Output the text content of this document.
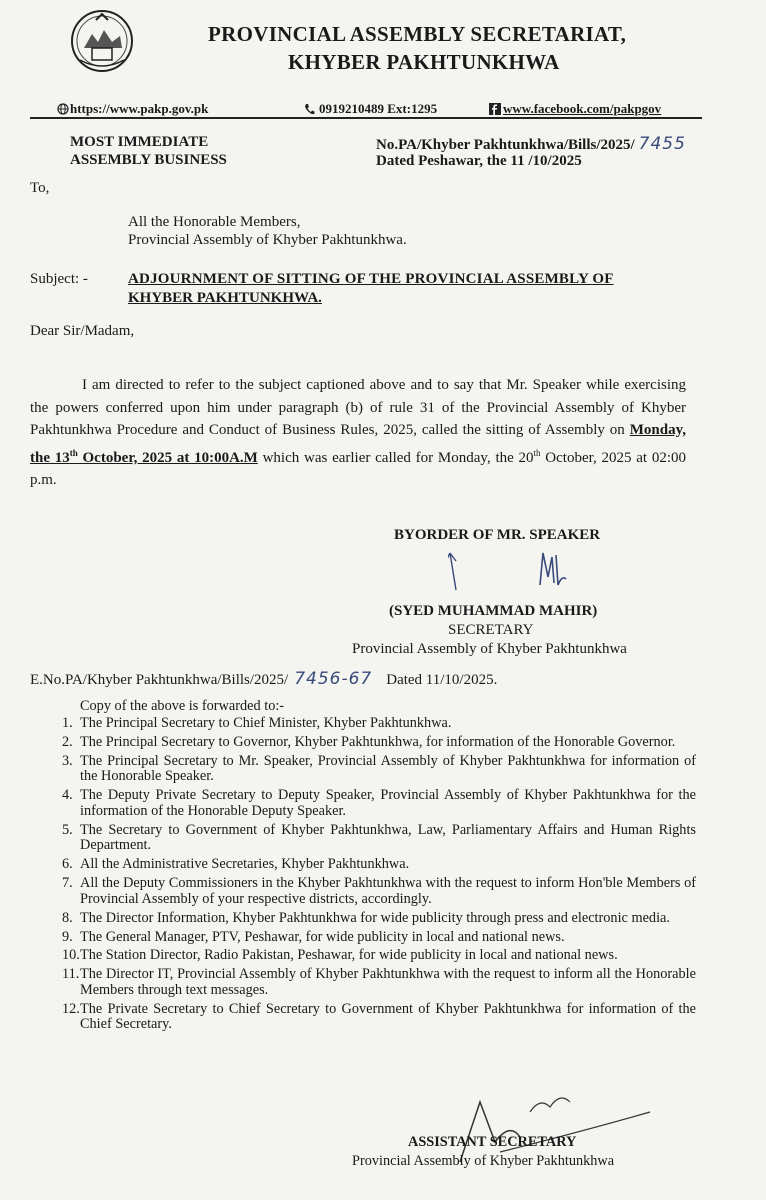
PROVINCIAL ASSEMBLY SECRETARIAT,
KHYBER PAKHTUNKHWA
https://www.pakp.gov.pk	0919210489 Ext:1295	www.facebook.com/pakpgov
MOST IMMEDIATE
ASSEMBLY BUSINESS
No.PA/Khyber Pakhtunkhwa/Bills/2025/ 7455
Dated Peshawar, the 11 /10/2025
To,
All the Honorable Members,
Provincial Assembly of Khyber Pakhtunkhwa.
Subject: -	ADJOURNMENT OF SITTING OF THE PROVINCIAL ASSEMBLY OF
KHYBER PAKHTUNKHWA.
Dear Sir/Madam,

I am directed to refer to the subject captioned above and to say that Mr. Speaker while exercising the powers conferred upon him under paragraph (b) of rule 31 of the Provincial Assembly of Khyber Pakhtunkhwa Procedure and Conduct of Business Rules, 2025, called the sitting of Assembly on Monday, the 13th October, 2025 at 10:00A.M which was earlier called for Monday, the 20th October, 2025 at 02:00 p.m.

BYORDER OF MR. SPEAKER
(SYED MUHAMMAD MAHIR)
SECRETARY
Provincial Assembly of Khyber Pakhtunkhwa
E.No.PA/Khyber Pakhtunkhwa/Bills/2025/ 7456-67 Dated 11/10/2025.
Copy of the above is forwarded to:-
1. The Principal Secretary to Chief Minister, Khyber Pakhtunkhwa.
2. The Principal Secretary to Governor, Khyber Pakhtunkhwa, for information of the Honorable Governor.
3. The Principal Secretary to Mr. Speaker, Provincial Assembly of Khyber Pakhtunkhwa for information of the Honorable Speaker.
4. The Deputy Private Secretary to Deputy Speaker, Provincial Assembly of Khyber Pakhtunkhwa for the information of the Honorable Deputy Speaker.
5. The Secretary to Government of Khyber Pakhtunkhwa, Law, Parliamentary Affairs and Human Rights Department.
6. All the Administrative Secretaries, Khyber Pakhtunkhwa.
7. All the Deputy Commissioners in the Khyber Pakhtunkhwa with the request to inform Hon'ble Members of Provincial Assembly of your respective districts, accordingly.
8. The Director Information, Khyber Pakhtunkhwa for wide publicity through press and electronic media.
9. The General Manager, PTV, Peshawar, for wide publicity in local and national news.
10. The Station Director, Radio Pakistan, Peshawar, for wide publicity in local and national news.
11. The Director IT, Provincial Assembly of Khyber Pakhtunkhwa with the request to inform all the Honorable Members through text messages.
12. The Private Secretary to Chief Secretary to Government of Khyber Pakhtunkhwa for information of the Chief Secretary.
ASSISTANT SECRETARY
Provincial Assembly of Khyber Pakhtunkhwa
